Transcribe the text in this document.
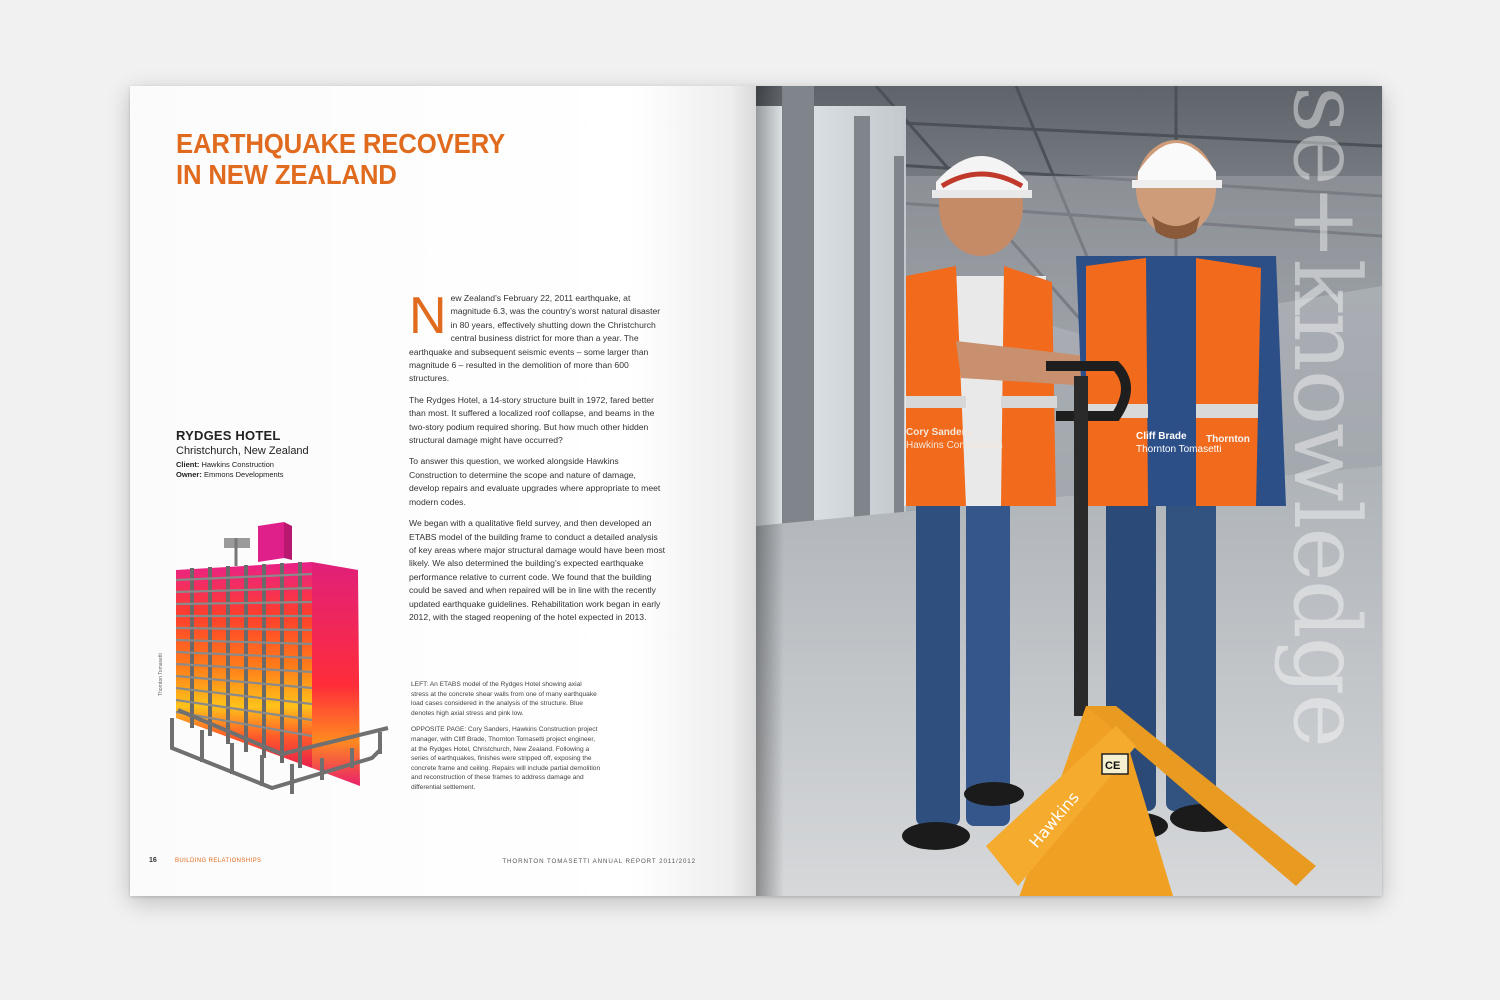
EARTHQUAKE RECOVERY
IN NEW ZEALAND

New Zealand’s February 22, 2011 earthquake, at magnitude 6.3, was the country’s worst natural disaster in 80 years, effectively shutting down the Christchurch central business district for more than a year. The earthquake and subsequent seismic events – some larger than magnitude 6 – resulted in the demolition of more than 600 structures.

The Rydges Hotel, a 14-story structure built in 1972, fared better than most. It suffered a localized roof collapse, and beams in the two-story podium required shoring. But how much other hidden structural damage might have occurred?

To answer this question, we worked alongside Hawkins Construction to determine the scope and nature of damage, develop repairs and evaluate upgrades where appropriate to meet modern codes.

We began with a qualitative field survey, and then developed an ETABS model of the building frame to conduct a detailed analysis of key areas where major structural damage would have been most likely. We also determined the building’s expected earthquake performance relative to current code. We found that the building could be saved and when repaired will be in line with the recently updated earthquake guidelines. Rehabilitation work began in early 2012, with the staged reopening of the hotel expected in 2013.

RYDGES HOTEL
Christchurch, New Zealand
Client: Hawkins Construction
Owner: Emmons Developments
Thornton Tomasetti	LEFT: An ETABS model of the Rydges Hotel showing axial stress at the concrete shear walls from one of many earthquake load cases considered in the analysis of the structure. Blue denotes high axial stress and pink low.

OPPOSITE PAGE: Cory Sanders, Hawkins Construction project manager, with Cliff Brade, Thornton Tomasetti project engineer, at the Rydges Hotel, Christchurch, New Zealand. Following a series of earthquakes, finishes were stripped off, exposing the concrete frame and ceiling. Repairs will include partial demolition and reconstruction of these frames to address damage and differential settlement.

16	BUILDING RELATIONSHIPS	THORNTON TOMASETTI ANNUAL REPORT 2011/2012
Thornton
CE
Hawkins
se+knowledge
Cory Sanders
Hawkins Construction
Cliff Brade
Thornton Tomasetti
